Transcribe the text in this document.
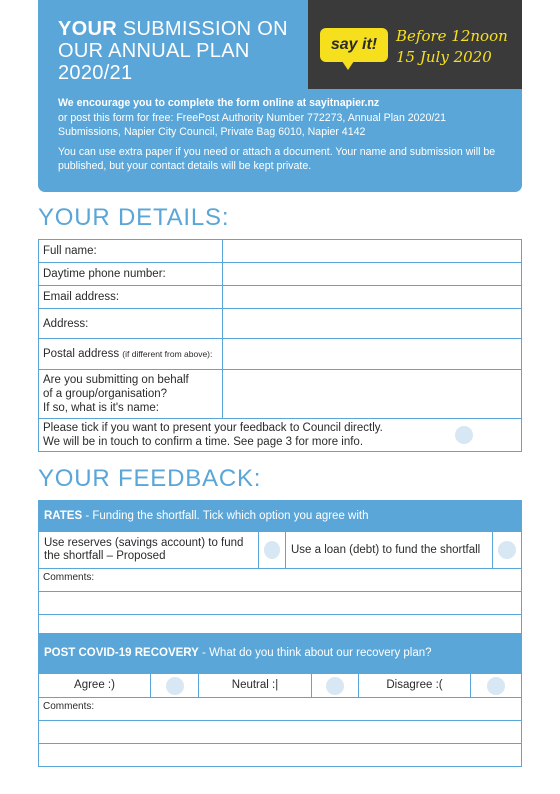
YOUR SUBMISSION ON OUR ANNUAL PLAN 2020/21
say it!	Before 12noon
15 July 2020

We encourage you to complete the form online at sayitnapier.nz
or post this form for free: FreePost Authority Number 772273, Annual Plan 2020/21 Submissions, Napier City Council, Private Bag 6010, Napier 4142

You can use extra paper if you need or attach a document. Your name and submission will be published, but your contact details will be kept private.

YOUR DETAILS:
Full name:	
Daytime phone number:	
Email address:	
Address:	
Postal address (if different from above):	

Are you submitting on behalf
of a group/organisation?
If so, what is it's name:	

Please tick if you want to present your feedback to Council directly.
We will be in touch to confirm a time. See page 3 for more info.	
YOUR FEEDBACK:
RATES - Funding the shortfall. Tick which option you agree with
Use reserves (savings account) to fund the shortfall – Proposed
Use a loan (debt) to fund the shortfall
Comments:
POST COVID-19 RECOVERY - What do you think about our recovery plan?
Agree :)	Neutral :|	Disagree :(
Comments:
